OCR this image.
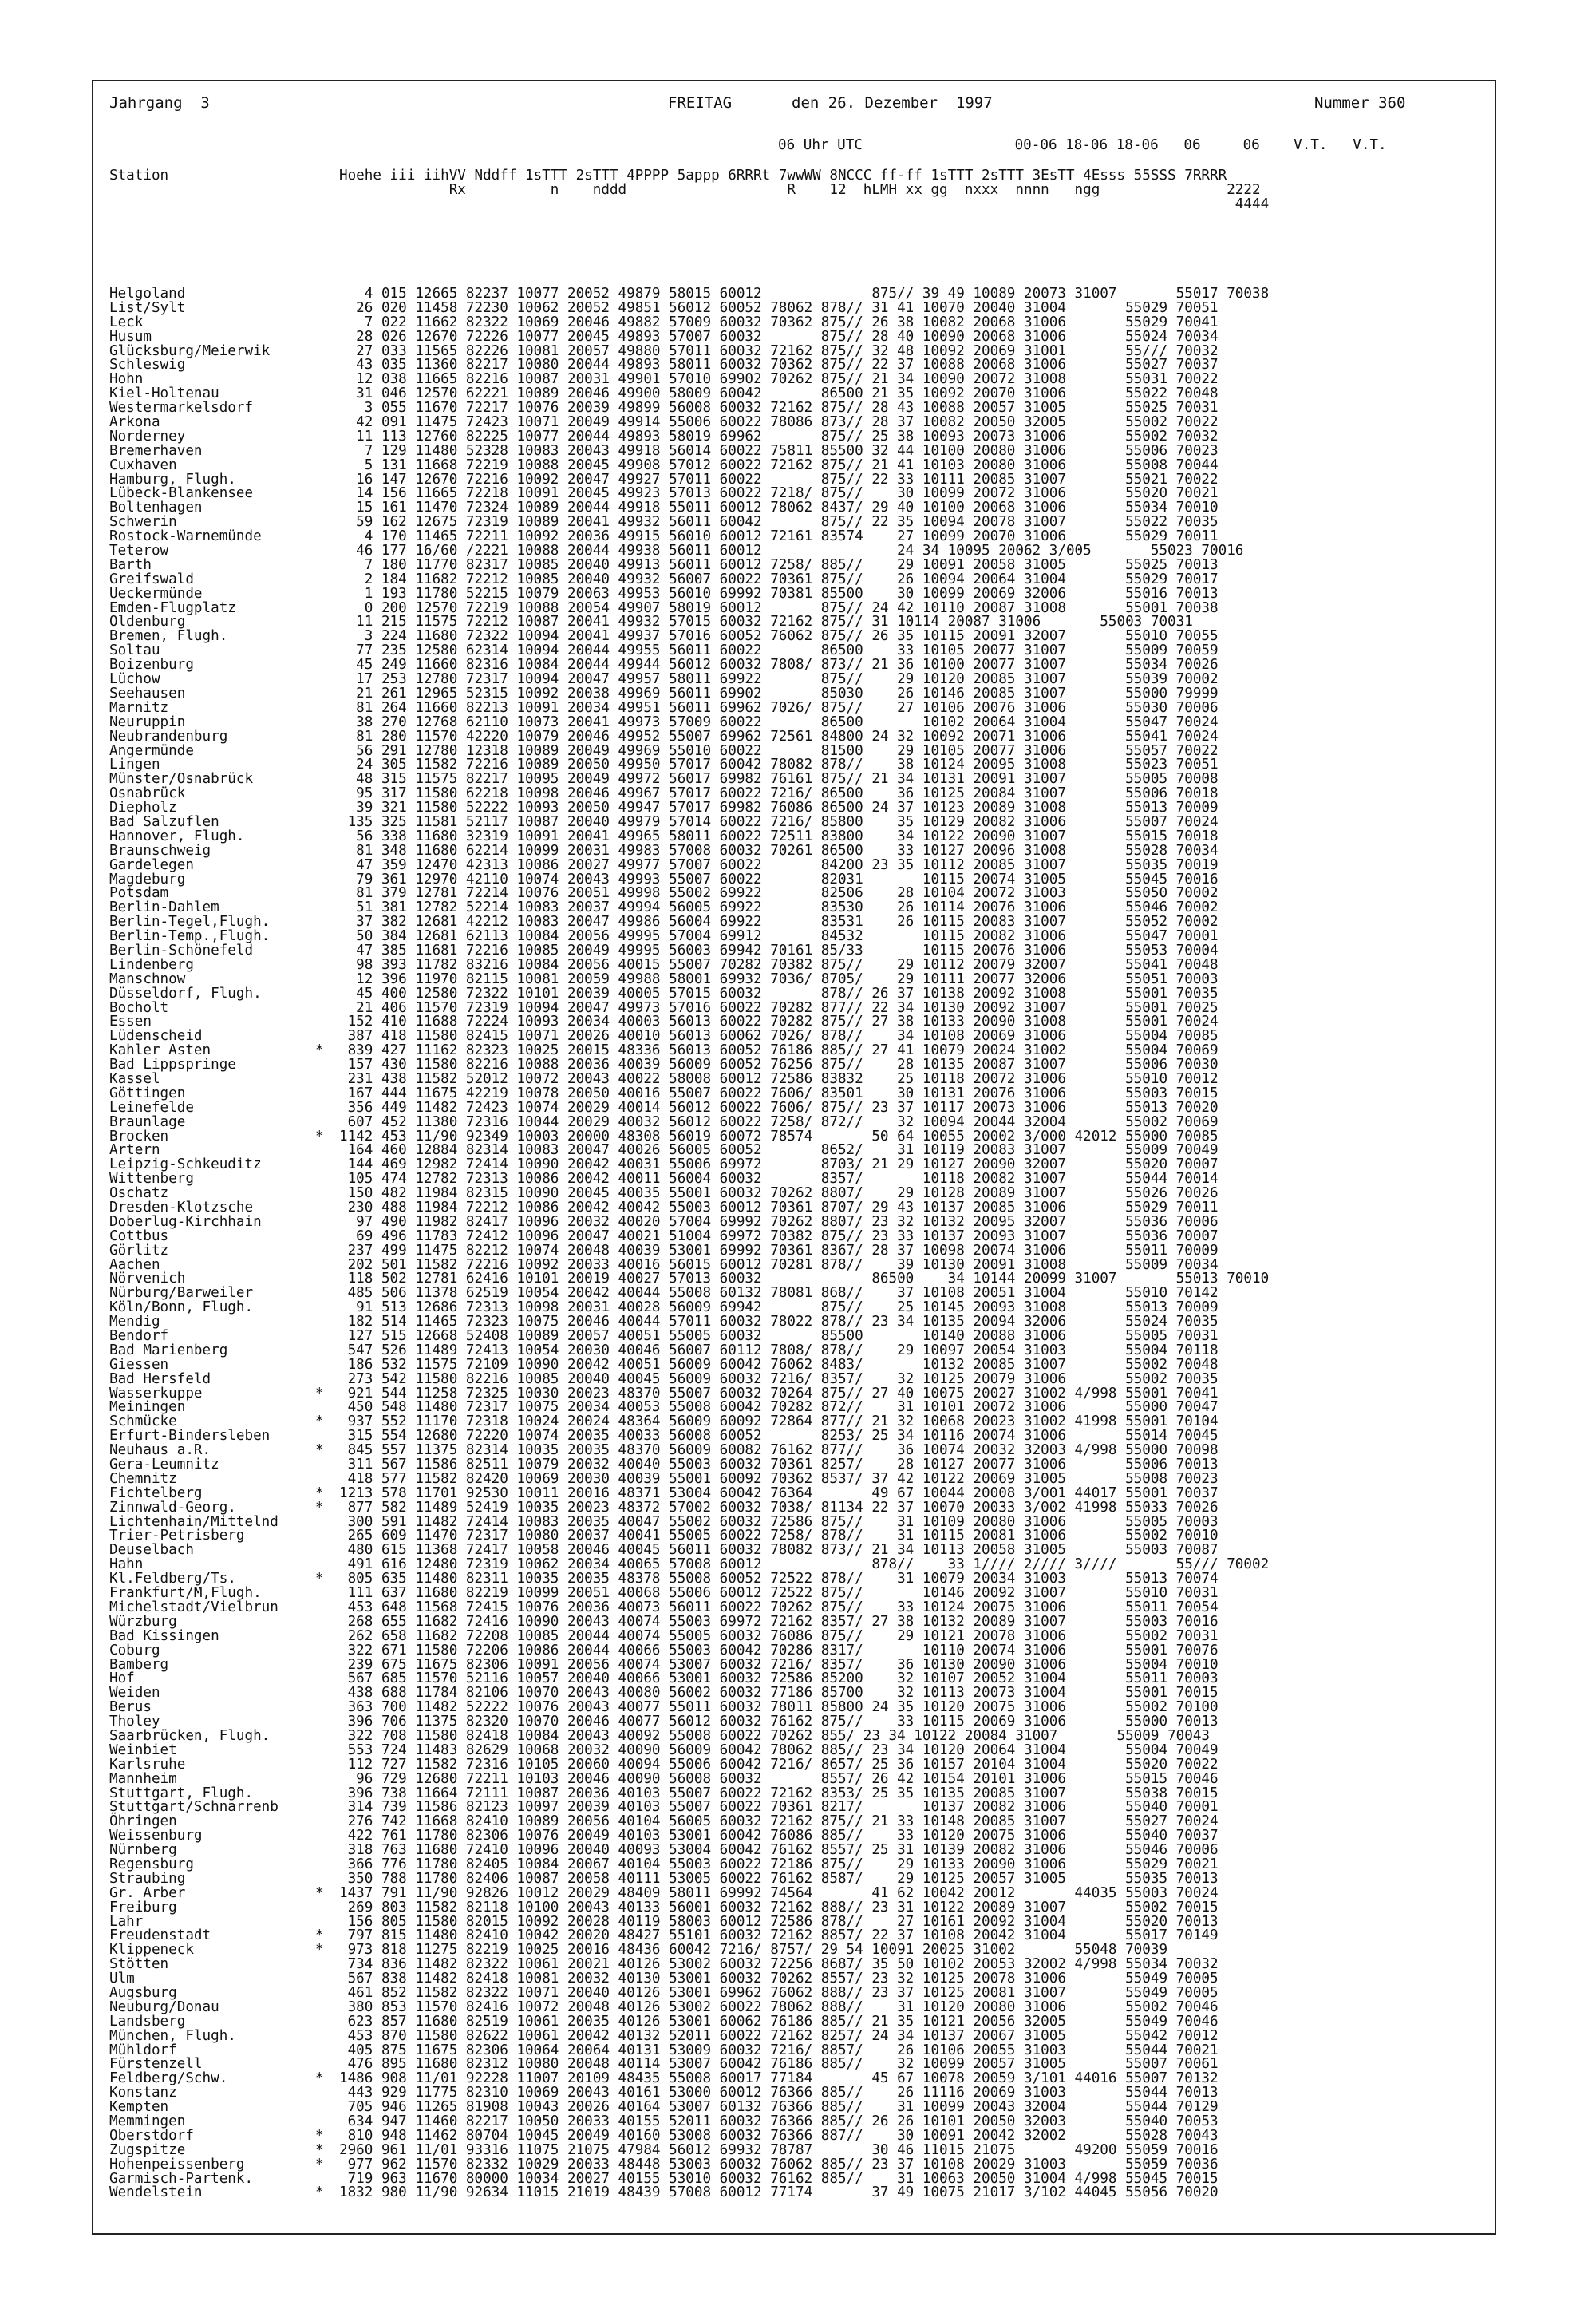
Jahrgang 3	FREITAG	den 26. Dezember  1997	Nummer 360
06 Uhr UTC                  00-06 18-06 18-06   06     06    V.T.   V.T.
Station	Hoehe iii iihVV Nddff 1sTTT 2sTTT 4PPPP 5appp 6RRRt 7wwWW 8NCCC ff-ff 1sTTT 2sTTT 3EsTT 4Esss 55SSS 7RRRR
Rx          n    nddd                   R    12  hLMH xx gg  nxxx  nnnn   ngg               2222
4444
Helgoland	4 015 12665 82237 10077 20052 49879 58015 60012             875// 39 49 10089 20073 31007       55017 70038
List/Sylt	26 020 11458 72230 10062 20052 49851 56012 60052 78062 878// 31 41 10070 20040 31004       55029 70051
Leck	7 022 11662 82322 10069 20046 49882 57009 60032 70362 875// 26 38 10082 20068 31006       55029 70041
Husum	28 026 12670 72226 10077 20045 49893 57007 60032       875// 28 40 10090 20068 31006       55024 70034
Glücksburg/Meierwik	27 033 11565 82226 10081 20057 49880 57011 60032 72162 875// 32 48 10092 20069 31001       55/// 70032
Schleswig	43 035 11360 82217 10080 20044 49893 58011 60032 70362 875// 22 37 10088 20068 31006       55027 70037
Hohn	12 038 11665 82216 10087 20031 49901 57010 69902 70262 875// 21 34 10090 20072 31008       55031 70022
Kiel-Holtenau	31 046 12570 62221 10089 20046 49900 58009 60042       86500 21 35 10092 20070 31006       55022 70048
Westermarkelsdorf	3 055 11670 72217 10076 20039 49899 56008 60032 72162 875// 28 43 10088 20057 31005       55025 70031
Arkona	42 091 11475 72423 10071 20049 49914 55006 60022 78086 873// 28 37 10082 20050 32005       55002 70022
Norderney	11 113 12760 82225 10077 20044 49893 58019 69962       875// 25 38 10093 20073 31006       55002 70032
Bremerhaven	7 129 11480 52328 10083 20043 49918 56014 60022 75811 85500 32 44 10100 20080 31006       55006 70023
Cuxhaven	5 131 11668 72219 10088 20045 49908 57012 60022 72162 875// 21 41 10103 20080 31006       55008 70044
Hamburg, Flugh.	16 147 12670 72216 10092 20047 49927 57011 60022       875// 22 33 10111 20085 31007       55021 70022
Lübeck-Blankensee	14 156 11665 72218 10091 20045 49923 57013 60022 7218/ 875//    30 10099 20072 31006       55020 70021
Boltenhagen	15 161 11470 72324 10089 20044 49918 55011 60012 78062 8437/ 29 40 10100 20068 31006       55034 70010
Schwerin	59 162 12675 72319 10089 20041 49932 56011 60042       875// 22 35 10094 20078 31007       55022 70035
Rostock-Warnemünde	4 170 11465 72211 10092 20036 49915 56010 60012 72161 83574    27 10099 20070 31006       55029 70011
Teterow	46 177 16/60 /2221 10088 20044 49938 56011 60012                24 34 10095 20062 3/005       55023 70016
Barth	7 180 11770 82317 10085 20040 49913 56011 60012 7258/ 885//    29 10091 20058 31005       55025 70013
Greifswald	2 184 11682 72212 10085 20040 49932 56007 60022 70361 875//    26 10094 20064 31004       55029 70017
Ueckermünde	1 193 11780 52215 10079 20063 49953 56010 69992 70381 85500    30 10099 20069 32006       55016 70013
Emden-Flugplatz	0 200 12570 72219 10088 20054 49907 58019 60012       875// 24 42 10110 20087 31008       55001 70038
Oldenburg	11 215 11575 72212 10087 20041 49932 57015 60032 72162 875// 31 10114 20087 31006       55003 70031
Bremen, Flugh.	3 224 11680 72322 10094 20041 49937 57016 60052 76062 875// 26 35 10115 20091 32007       55010 70055
Soltau	77 235 12580 62314 10094 20044 49955 56011 60022       86500    33 10105 20077 31007       55009 70059
Boizenburg	45 249 11660 82316 10084 20044 49944 56012 60032 7808/ 873// 21 36 10100 20077 31007       55034 70026
Lüchow	17 253 12780 72317 10094 20047 49957 58011 69922       875//    29 10120 20085 31007       55039 70002
Seehausen	21 261 12965 52315 10092 20038 49969 56011 69902       85030    26 10146 20085 31007       55000 79999
Marnitz	81 264 11660 82213 10091 20034 49951 56011 69962 7026/ 875//    27 10106 20076 31006       55030 70006
Neuruppin	38 270 12768 62110 10073 20041 49973 57009 60022       86500       10102 20064 31004       55047 70024
Neubrandenburg	81 280 11570 42220 10079 20046 49952 55007 69962 72561 84800 24 32 10092 20071 31006       55041 70024
Angermünde	56 291 12780 12318 10089 20049 49969 55010 60022       81500    29 10105 20077 31006       55057 70022
Lingen	24 305 11582 72216 10089 20050 49950 57017 60042 78082 878//    38 10124 20095 31008       55023 70051
Münster/Osnabrück	48 315 11575 82217 10095 20049 49972 56017 69982 76161 875// 21 34 10131 20091 31007       55005 70008
Osnabrück	95 317 11580 62218 10098 20046 49967 57017 60022 7216/ 86500    36 10125 20084 31007       55006 70018
Diepholz	39 321 11580 52222 10093 20050 49947 57017 69982 76086 86500 24 37 10123 20089 31008       55013 70009
Bad Salzuflen	135 325 11581 52117 10087 20040 49979 57014 60022 7216/ 85800    35 10129 20082 31006       55007 70024
Hannover, Flugh.	56 338 11680 32319 10091 20041 49965 58011 60022 72511 83800    34 10122 20090 31007       55015 70018
Braunschweig	81 348 11680 62214 10099 20031 49983 57008 60032 70261 86500    33 10127 20096 31008       55028 70034
Gardelegen	47 359 12470 42313 10086 20027 49977 57007 60022       84200 23 35 10112 20085 31007       55035 70019
Magdeburg	79 361 12970 42110 10074 20043 49993 55007 60022       82031       10115 20074 31005       55045 70016
Potsdam	81 379 12781 72214 10076 20051 49998 55002 69922       82506    28 10104 20072 31003       55050 70002
Berlin-Dahlem	51 381 12782 52214 10083 20037 49994 56005 69922       83530    26 10114 20076 31006       55046 70002
Berlin-Tegel,Flugh.	37 382 12681 42212 10083 20047 49986 56004 69922       83531    26 10115 20083 31007       55052 70002
Berlin-Temp.,Flugh.	50 384 12681 62113 10084 20056 49995 57004 69912       84532       10115 20082 31006       55047 70001
Berlin-Schönefeld	47 385 11681 72216 10085 20049 49995 56003 69942 70161 85/33       10115 20076 31006       55053 70004
Lindenberg	98 393 11782 83216 10084 20056 40015 55007 70282 70382 875//    29 10112 20079 32007       55041 70048
Manschnow	12 396 11970 82115 10081 20059 49988 58001 69932 7036/ 8705/    29 10111 20077 32006       55051 70003
Düsseldorf, Flugh.	45 400 12580 72322 10101 20039 40005 57015 60032       878// 26 37 10138 20092 31008       55001 70035
Bocholt	21 406 11570 72319 10094 20047 49973 57016 60022 70282 877// 22 34 10130 20092 31007       55001 70025
Essen	152 410 11688 72224 10093 20034 40003 56013 60022 70282 875// 27 38 10133 20090 31008       55001 70024
Lüdenscheid	387 418 11580 82415 10071 20026 40010 56013 60062 7026/ 878//    34 10108 20069 31006       55004 70085
Kahler Asten	* 839 427 11162 82323 10025 20015 48336 56013 60052 76186 885// 27 41 10079 20024 31002       55004 70069
Bad Lippspringe	157 430 11580 82216 10088 20036 40039 56009 60052 76256 875//    28 10135 20087 31007       55006 70030
Kassel	231 438 11582 52012 10072 20043 40022 58008 60012 72586 83832    25 10118 20072 31006       55010 70012
Göttingen	167 444 11675 42219 10078 20050 40016 55007 60022 7606/ 83501    30 10131 20076 31006       55003 70015
Leinefelde	356 449 11482 72423 10074 20029 40014 56012 60022 7606/ 875// 23 37 10117 20073 31006       55013 70020
Braunlage	607 452 11380 72316 10044 20029 40032 56012 60022 7258/ 872//    32 10094 20044 32004       55002 70069
Brocken	* 1142 453 11/90 92349 10003 20000 48308 56019 60072 78574       50 64 10055 20002 3/000 42012 55000 70085
Artern	164 460 12884 82314 10083 20047 40026 56005 60052       8652/    31 10119 20083 31007       55009 70049
Leipzig-Schkeuditz	144 469 12982 72414 10090 20042 40031 55006 69972       8703/ 21 29 10127 20090 32007       55020 70007
Wittenberg	105 474 12782 72313 10086 20042 40011 56004 60032       8357/       10118 20082 31007       55044 70014
Oschatz	150 482 11984 82315 10090 20045 40035 55001 60032 70262 8807/    29 10128 20089 31007       55026 70026
Dresden-Klotzsche	230 488 11984 72212 10086 20042 40042 55003 60012 70361 8707/ 29 43 10137 20085 31006       55029 70011
Doberlug-Kirchhain	97 490 11982 82417 10096 20032 40020 57004 69992 70262 8807/ 23 32 10132 20095 32007       55036 70006
Cottbus	69 496 11783 72412 10096 20047 40021 51004 69972 70382 875// 23 33 10137 20093 31007       55036 70007
Görlitz	237 499 11475 82212 10074 20048 40039 53001 69992 70361 8367/ 28 37 10098 20074 31006       55011 70009
Aachen	202 501 11582 72216 10092 20033 40016 56015 60012 70281 878//    39 10130 20091 31008       55009 70034
Nörvenich	118 502 12781 62416 10101 20019 40027 57013 60032             86500    34 10144 20099 31007       55013 70010
Nürburg/Barweiler	485 506 11378 62519 10054 20042 40044 55008 60132 78081 868//    37 10108 20051 31004       55010 70142
Köln/Bonn, Flugh.	91 513 12686 72313 10098 20031 40028 56009 69942       875//    25 10145 20093 31008       55013 70009
Mendig	182 514 11465 72323 10075 20046 40044 57011 60032 78022 878// 23 34 10135 20094 32006       55024 70035
Bendorf	127 515 12668 52408 10089 20057 40051 55005 60032       85500       10140 20088 31006       55005 70031
Bad Marienberg	547 526 11489 72413 10054 20030 40046 56007 60112 7808/ 878//    29 10097 20054 31003       55004 70118
Giessen	186 532 11575 72109 10090 20042 40051 56009 60042 76062 8483/       10132 20085 31007       55002 70048
Bad Hersfeld	273 542 11580 82216 10085 20040 40045 56009 60032 7216/ 8357/    32 10125 20079 31006       55002 70035
Wasserkuppe	* 921 544 11258 72325 10030 20023 48370 55007 60032 70264 875// 27 40 10075 20027 31002 4/998 55001 70041
Meiningen	450 548 11480 72317 10075 20034 40053 55008 60042 70282 872//    31 10101 20072 31006       55000 70047
Schmücke	* 937 552 11170 72318 10024 20024 48364 56009 60092 72864 877// 21 32 10068 20023 31002 41998 55001 70104
Erfurt-Bindersleben	315 554 12680 72220 10074 20035 40033 56008 60052       8253/ 25 34 10116 20074 31006       55014 70045
Neuhaus a.R.	* 845 557 11375 82314 10035 20035 48370 56009 60082 76162 877//    36 10074 20032 32003 4/998 55000 70098
Gera-Leumnitz	311 567 11586 82511 10079 20032 40040 55003 60032 70361 8257/    28 10127 20077 31006       55006 70013
Chemnitz	418 577 11582 82420 10069 20030 40039 55001 60092 70362 8537/ 37 42 10122 20069 31005       55008 70023
Fichtelberg	* 1213 578 11701 92530 10011 20016 48371 53004 60042 76364       49 67 10044 20008 3/001 44017 55001 70037
Zinnwald-Georg.	* 877 582 11489 52419 10035 20023 48372 57002 60032 7038/ 81134 22 37 10070 20033 3/002 41998 55033 70026
Lichtenhain/Mittelnd	300 591 11482 72414 10083 20035 40047 55002 60032 72586 875//    31 10109 20080 31006       55005 70003
Trier-Petrisberg	265 609 11470 72317 10080 20037 40041 55005 60022 7258/ 878//    31 10115 20081 31006       55002 70010
Deuselbach	480 615 11368 72417 10058 20046 40045 56011 60032 78082 873// 21 34 10113 20058 31005       55003 70087
Hahn	491 616 12480 72319 10062 20034 40065 57008 60012             878//    33 1//// 2//// 3////       55/// 70002
Kl.Feldberg/Ts.	* 805 635 11480 82311 10035 20035 48378 55008 60052 72522 878//    31 10079 20034 31003       55013 70074
Frankfurt/M,Flugh.	111 637 11680 82219 10099 20051 40068 55006 60012 72522 875//       10146 20092 31007       55010 70031
Michelstadt/Vielbrun	453 648 11568 72415 10076 20036 40073 56011 60022 70262 875//    33 10124 20075 31006       55011 70054
Würzburg	268 655 11682 72416 10090 20043 40074 55003 69972 72162 8357/ 27 38 10132 20089 31007       55003 70016
Bad Kissingen	262 658 11682 72208 10085 20044 40074 55005 60032 76086 875//    29 10121 20078 31006       55002 70031
Coburg	322 671 11580 72206 10086 20044 40066 55003 60042 70286 8317/       10110 20074 31006       55001 70076
Bamberg	239 675 11675 82306 10091 20056 40074 53007 60032 7216/ 8357/    36 10130 20090 31006       55004 70010
Hof	567 685 11570 52116 10057 20040 40066 53001 60032 72586 85200    32 10107 20052 31004       55011 70003
Weiden	438 688 11784 82106 10070 20043 40080 56002 60032 77186 85700    32 10113 20073 31004       55001 70015
Berus	363 700 11482 52222 10076 20043 40077 55011 60032 78011 85800 24 35 10120 20075 31006       55002 70100
Tholey	396 706 11375 82320 10070 20046 40077 56012 60032 76162 875//    33 10115 20069 31006       55000 70013
Saarbrücken, Flugh.	322 708 11580 82418 10084 20043 40092 55008 60022 70262 855/ 23 34 10122 20084 31007       55009 70043
Weinbiet	553 724 11483 82629 10068 20032 40090 56009 60042 78062 885// 23 34 10120 20064 31004       55004 70049
Karlsruhe	112 727 11582 72316 10105 20060 40094 55006 60042 7216/ 8657/ 25 36 10157 20104 31004       55020 70022
Mannheim	96 729 12680 72211 10103 20046 40090 56008 60032       8557/ 26 42 10154 20101 31006       55015 70046
Stuttgart, Flugh.	396 738 11664 72111 10087 20036 40103 55007 60022 72162 8353/ 25 35 10135 20085 31007       55038 70015
Stuttgart/Schnarrenb	314 739 11586 82123 10097 20039 40103 55007 60022 70361 8217/       10137 20082 31006       55040 70001
Öhringen	276 742 11668 82410 10089 20056 40104 56005 60032 72162 875// 21 33 10148 20085 31007       55027 70024
Weissenburg	422 761 11780 82306 10076 20049 40103 53001 60042 76086 885//    33 10120 20075 31006       55040 70037
Nürnberg	318 763 11680 72410 10096 20040 40093 53004 60042 76162 8557/ 25 31 10139 20082 31006       55046 70006
Regensburg	366 776 11780 82405 10084 20067 40104 55003 60022 72186 875//    29 10133 20090 31006       55029 70021
Straubing	350 788 11780 82406 10087 20058 40111 53005 60022 76162 8587/    29 10125 20057 31005       55035 70013
Gr. Arber	* 1437 791 11/90 92826 10012 20029 48409 58011 69992 74564       41 62 10042 20012       44035 55003 70024
Freiburg	269 803 11582 82118 10100 20043 40133 56001 60032 72162 888// 23 31 10122 20089 31007       55002 70015
Lahr	156 805 11580 82015 10092 20028 40119 58003 60012 72586 878//    27 10161 20092 31004       55020 70013
Freudenstadt	* 797 815 11480 82410 10042 20020 48427 55101 60032 72162 8857/ 22 37 10108 20042 31004       55017 70149
Klippeneck	* 973 818 11275 82219 10025 20016 48436 60042 7216/ 8757/ 29 54 10091 20025 31002       55048 70039
Stötten	734 836 11482 82322 10061 20021 40126 53002 60032 72256 8687/ 35 50 10102 20053 32002 4/998 55034 70032
Ulm	567 838 11482 82418 10081 20032 40130 53001 60032 70262 8557/ 23 32 10125 20078 31006       55049 70005
Augsburg	461 852 11582 82322 10071 20040 40126 53001 69962 76062 888// 23 37 10125 20081 31007       55049 70005
Neuburg/Donau	380 853 11570 82416 10072 20048 40126 53002 60022 78062 888//    31 10120 20080 31006       55002 70046
Landsberg	623 857 11680 82519 10061 20035 40126 53001 60062 76186 885// 21 35 10121 20056 32005       55049 70046
München, Flugh.	453 870 11580 82622 10061 20042 40132 52011 60022 72162 8257/ 24 34 10137 20067 31005       55042 70012
Mühldorf	405 875 11675 82306 10064 20064 40131 53009 60032 7216/ 8857/    26 10106 20055 31003       55044 70021
Fürstenzell	476 895 11680 82312 10080 20048 40114 53007 60042 76186 885//    32 10099 20057 31005       55007 70061
Feldberg/Schw.	* 1486 908 11/01 92228 11007 20109 48435 55008 60017 77184       45 67 10078 20059 3/101 44016 55007 70132
Konstanz	443 929 11775 82310 10069 20043 40161 53000 60012 76366 885//    26 11116 20069 31003       55044 70013
Kempten	705 946 11265 81908 10043 20026 40164 53007 60132 76366 885//    31 10099 20043 32004       55044 70129
Memmingen	634 947 11460 82217 10050 20033 40155 52011 60032 76366 885// 26 26 10101 20050 32003       55040 70053
Oberstdorf	* 810 948 11462 80704 10045 20049 40160 53008 60032 76366 887//    30 10091 20042 32002       55028 70043
Zugspitze	* 2960 961 11/01 93316 11075 21075 47984 56012 69932 78787       30 46 11015 21075       49200 55059 70016
Hohenpeissenberg	* 977 962 11570 82332 10029 20033 48448 53003 60032 76062 885// 23 37 10108 20029 31003       55059 70036
Garmisch-Partenk.	719 963 11670 80000 10034 20027 40155 53010 60032 76162 885//    31 10063 20050 31004 4/998 55045 70015
Wendelstein	* 1832 980 11/90 92634 11015 21019 48439 57008 60012 77174       37 49 10075 21017 3/102 44045 55056 70020
